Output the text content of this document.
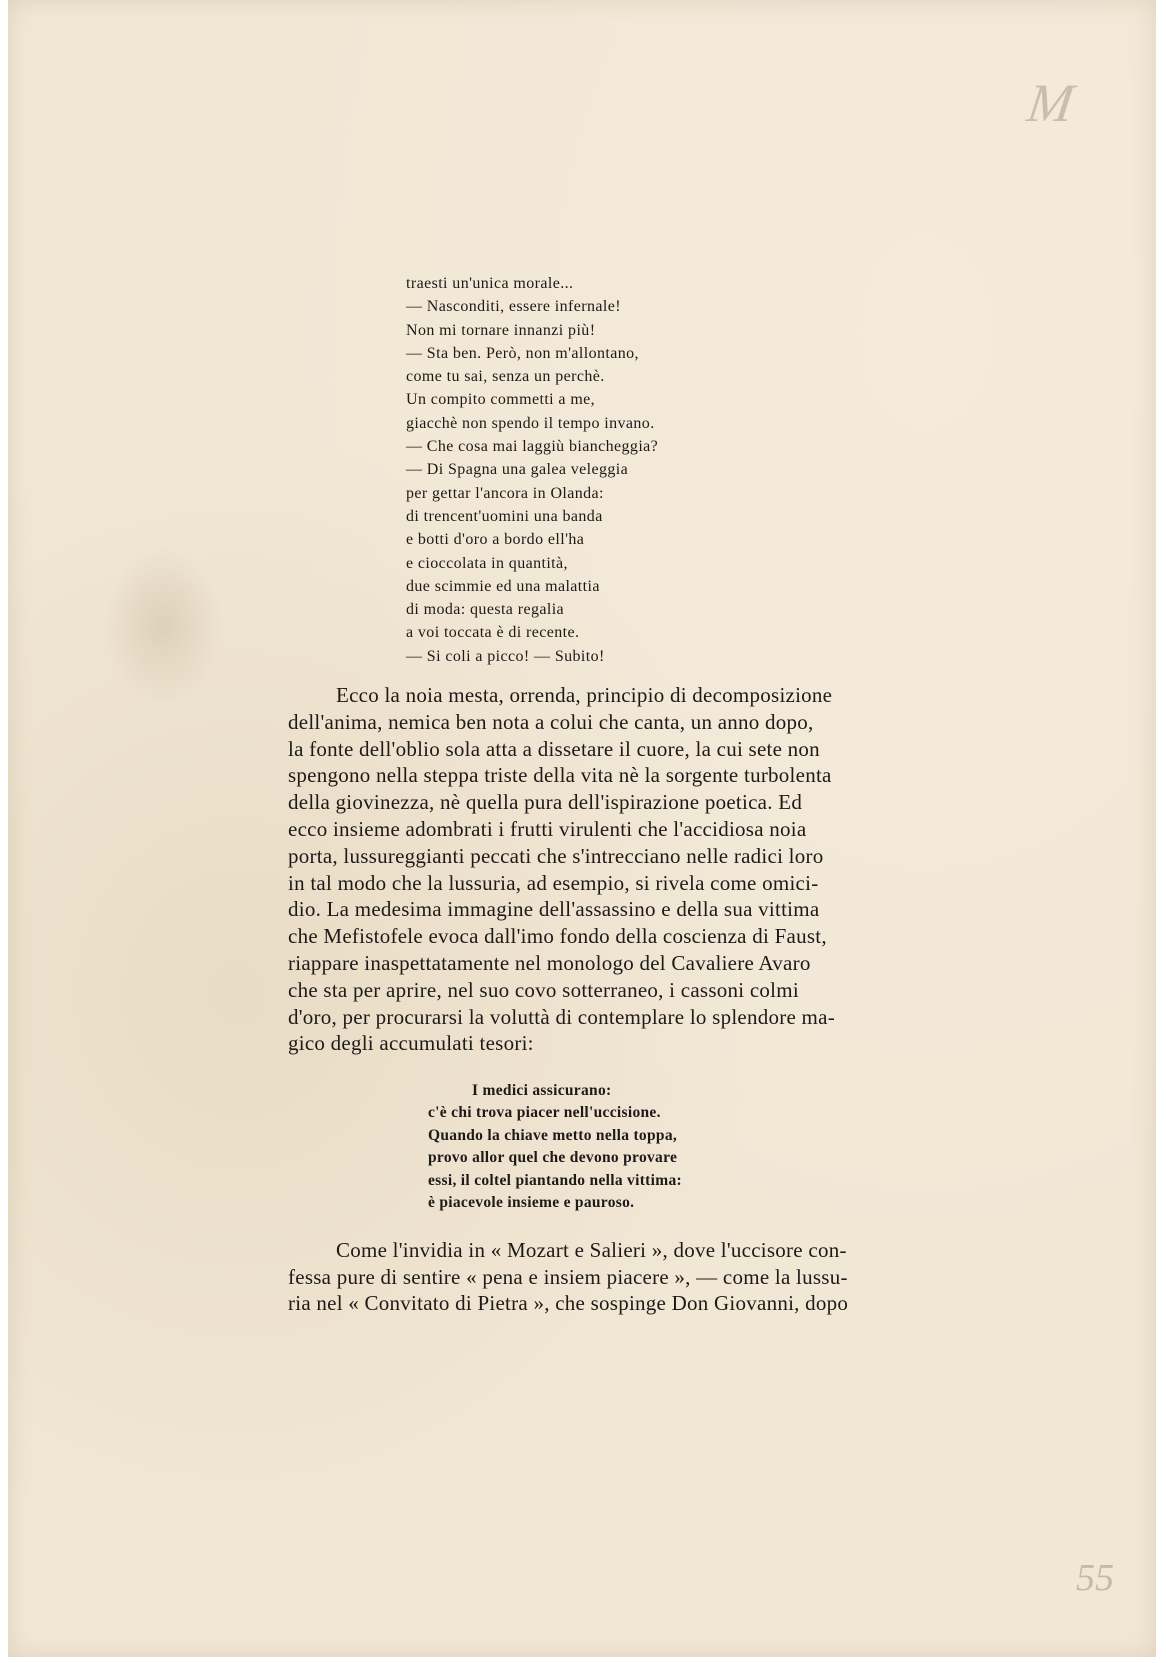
M
traesti un'unica morale...
— Nasconditi, essere infernale!
Non mi tornare innanzi più!
— Sta ben. Però, non m'allontano,
come tu sai, senza un perchè.
Un compito commetti a me,
giacchè non spendo il tempo invano.
— Che cosa mai laggiù biancheggia?
— Di Spagna una galea veleggia
per gettar l'ancora in Olanda:
di trencent'uomini una banda
e botti d'oro a bordo ell'ha
e cioccolata in quantità,
due scimmie ed una malattia
di moda: questa regalia
a voi toccata è di recente.
— Si coli a picco! — Subito!
Ecco la noia mesta, orrenda, principio di decomposizione
dell'anima, nemica ben nota a colui che canta, un anno dopo,
la fonte dell'oblio sola atta a dissetare il cuore, la cui sete non
spengono nella steppa triste della vita nè la sorgente turbolenta
della giovinezza, nè quella pura dell'ispirazione poetica. Ed
ecco insieme adombrati i frutti virulenti che l'accidiosa noia
porta, lussureggianti peccati che s'intrecciano nelle radici loro
in tal modo che la lussuria, ad esempio, si rivela come omici-
dio. La medesima immagine dell'assassino e della sua vittima
che Mefistofele evoca dall'imo fondo della coscienza di Faust,
riappare inaspettatamente nel monologo del Cavaliere Avaro
che sta per aprire, nel suo covo sotterraneo, i cassoni colmi
d'oro, per procurarsi la voluttà di contemplare lo splendore ma-
gico degli accumulati tesori:
I medici assicurano:
c'è chi trova piacer nell'uccisione.
Quando la chiave metto nella toppa,
provo allor quel che devono provare
essi, il coltel piantando nella vittima:
è piacevole insieme e pauroso.
Come l'invidia in « Mozart e Salieri », dove l'uccisore con-
fessa pure di sentire « pena e insiem piacere », — come la lussu-
ria nel « Convitato di Pietra », che sospinge Don Giovanni, dopo
55
